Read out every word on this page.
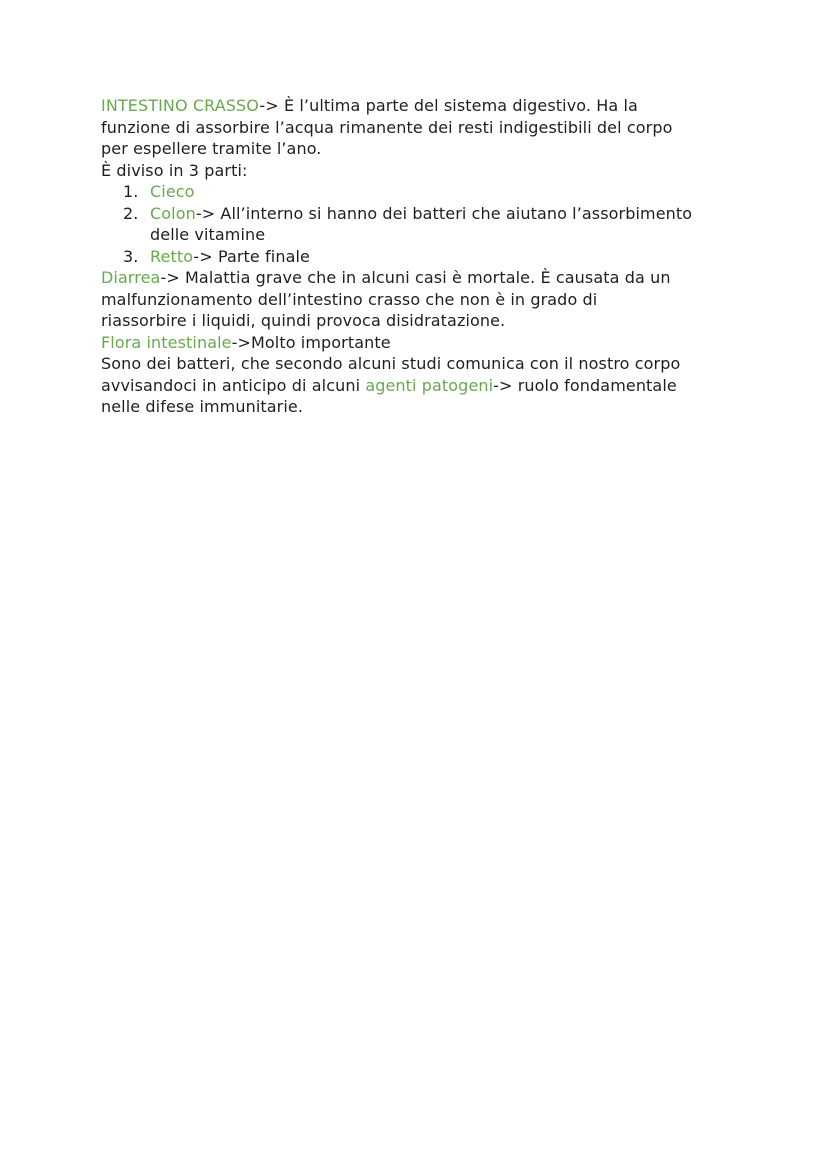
INTESTINO CRASSO-> È l’ultima parte del sistema digestivo. Ha la
funzione di assorbire l’acqua rimanente dei resti indigestibili del corpo
per espellere tramite l’ano.
È diviso in 3 parti:
1. Cieco
2. Colon-> All’interno si hanno dei batteri che aiutano l’assorbimento
delle vitamine
3. Retto-> Parte finale
Diarrea-> Malattia grave che in alcuni casi è mortale. È causata da un
malfunzionamento dell’intestino crasso che non è in grado di
riassorbire i liquidi, quindi provoca disidratazione.
Flora intestinale->Molto importante
Sono dei batteri, che secondo alcuni studi comunica con il nostro corpo
avvisandoci in anticipo di alcuni agenti patogeni-> ruolo fondamentale
nelle difese immunitarie.
